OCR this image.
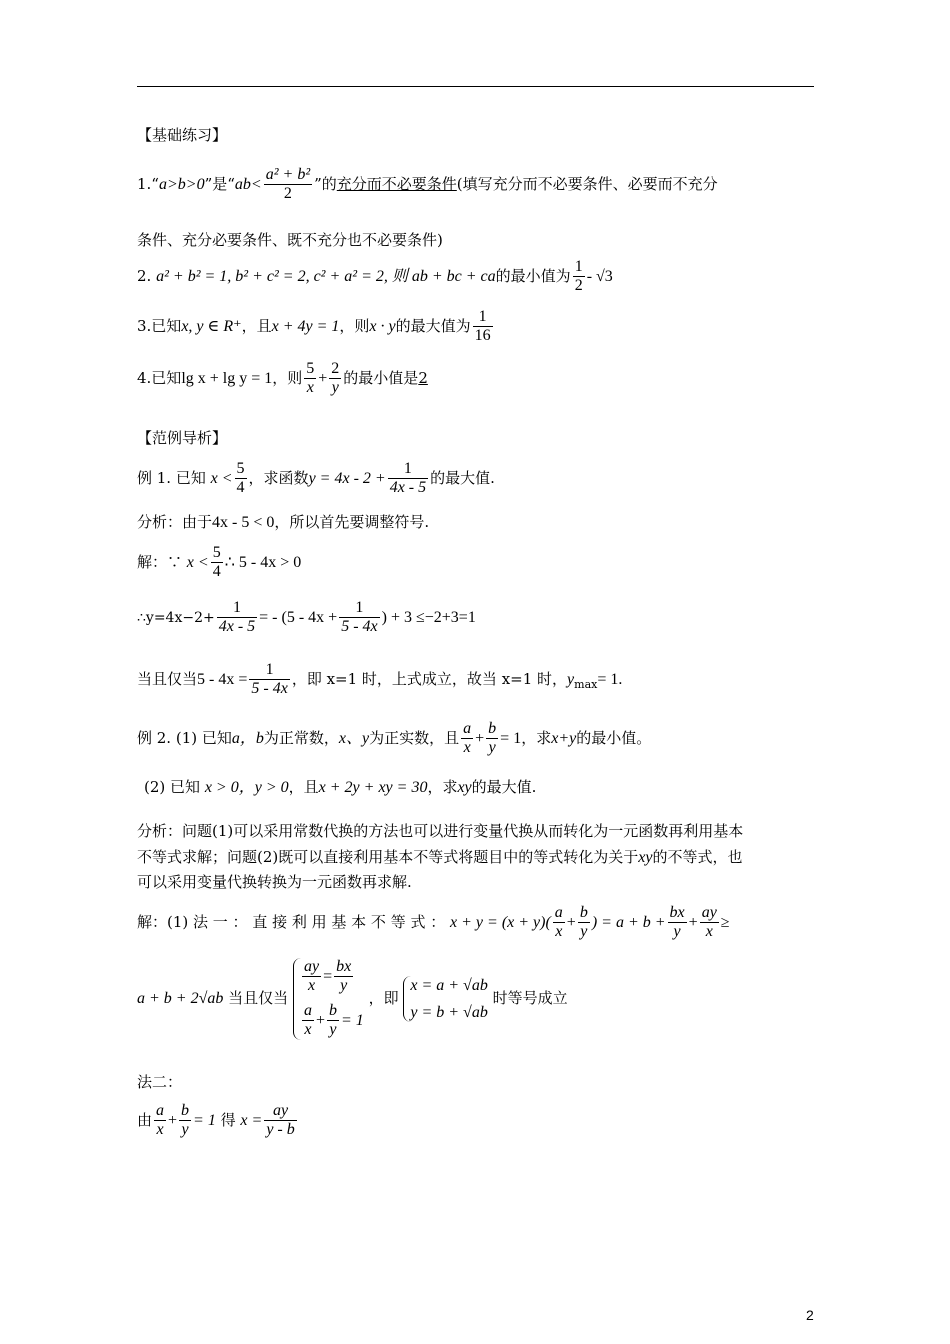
【基础练习】
1.“a>b>0”是“$ab< \frac{\text{a² + b²}}{2}$ ”的充分而不必要条件(填写充分而不必要条件、必要而不充分
条件、充分必要条件、既不充分也不必要条件)
2. a² + b² = 1, b² + c² = 2, c² + a² = 2, 则 ab + bc + ca的最小值为 $\frac{1}{2} - √3$
3.已知x, y ∈ R⁺，且x + 4y = 1，则x · y的最大值为 $\frac{1}{16}$
4.已知lg x + lg y = 1，则 $\frac{5}{x} + \frac{2}{y}$ 的最小值是2
【范例导析】
例 1. 已知 $x < \frac{5}{4}$ ，求函数$y = 4x - 2 + \frac{1}{4x - 5}$ 的最大值.
分析：由于4x - 5 < 0，所以首先要调整符号.
解：∵ $x < \frac{5}{4}$ ∴ 5 - 4x > 0
∴y=4x−2+ $\frac{1}{4x - 5}$ = - ($5 - 4x + \frac{1}{5 - 4x}$ ) + 3 ≤−2+3=1
当且仅当$5 - 4x = \frac{1}{5 - 4x}$ ，即 x=1 时，上式成立，故当 x=1 时，$y_{max}= 1$.
例 2. (1) 已知a，b为正常数，x、y为正实数，且 $\frac{a}{x} + \frac{b}{y} = 1$，求x+y的最小值。
(2) 已知 x > 0，y > 0，且x + 2y + xy = 30，求xy的最大值.
分析：问题(1)可以采用常数代换的方法也可以进行变量代换从而转化为一元函数再利用基本
不等式求解；问题(2)既可以直接利用基本不等式将题目中的等式转化为关于xy的不等式，也
可以采用变量代换转换为一元函数再求解.
解：(1) 法 一 ： 直 接 利 用 基 本 不 等 式 ： $x + y = (x + y)( \frac{a}{x} + \frac{b}{y}$ ) = $a + b + \frac{bx}{y} + \frac{ay}{x}$ ≥
a + b + 2√ab 当且仅当
$\frac{ay}{x} = \frac{bx}{y}$
$\frac{a}{x} + \frac{b}{y} = 1$
，即
x = a + √ab
y = b + √ab
时等号成立
法二：
由 $\frac{a}{x} + \frac{b}{y} = 1$ 得 $x = \frac{ay}{y - b}$
2
